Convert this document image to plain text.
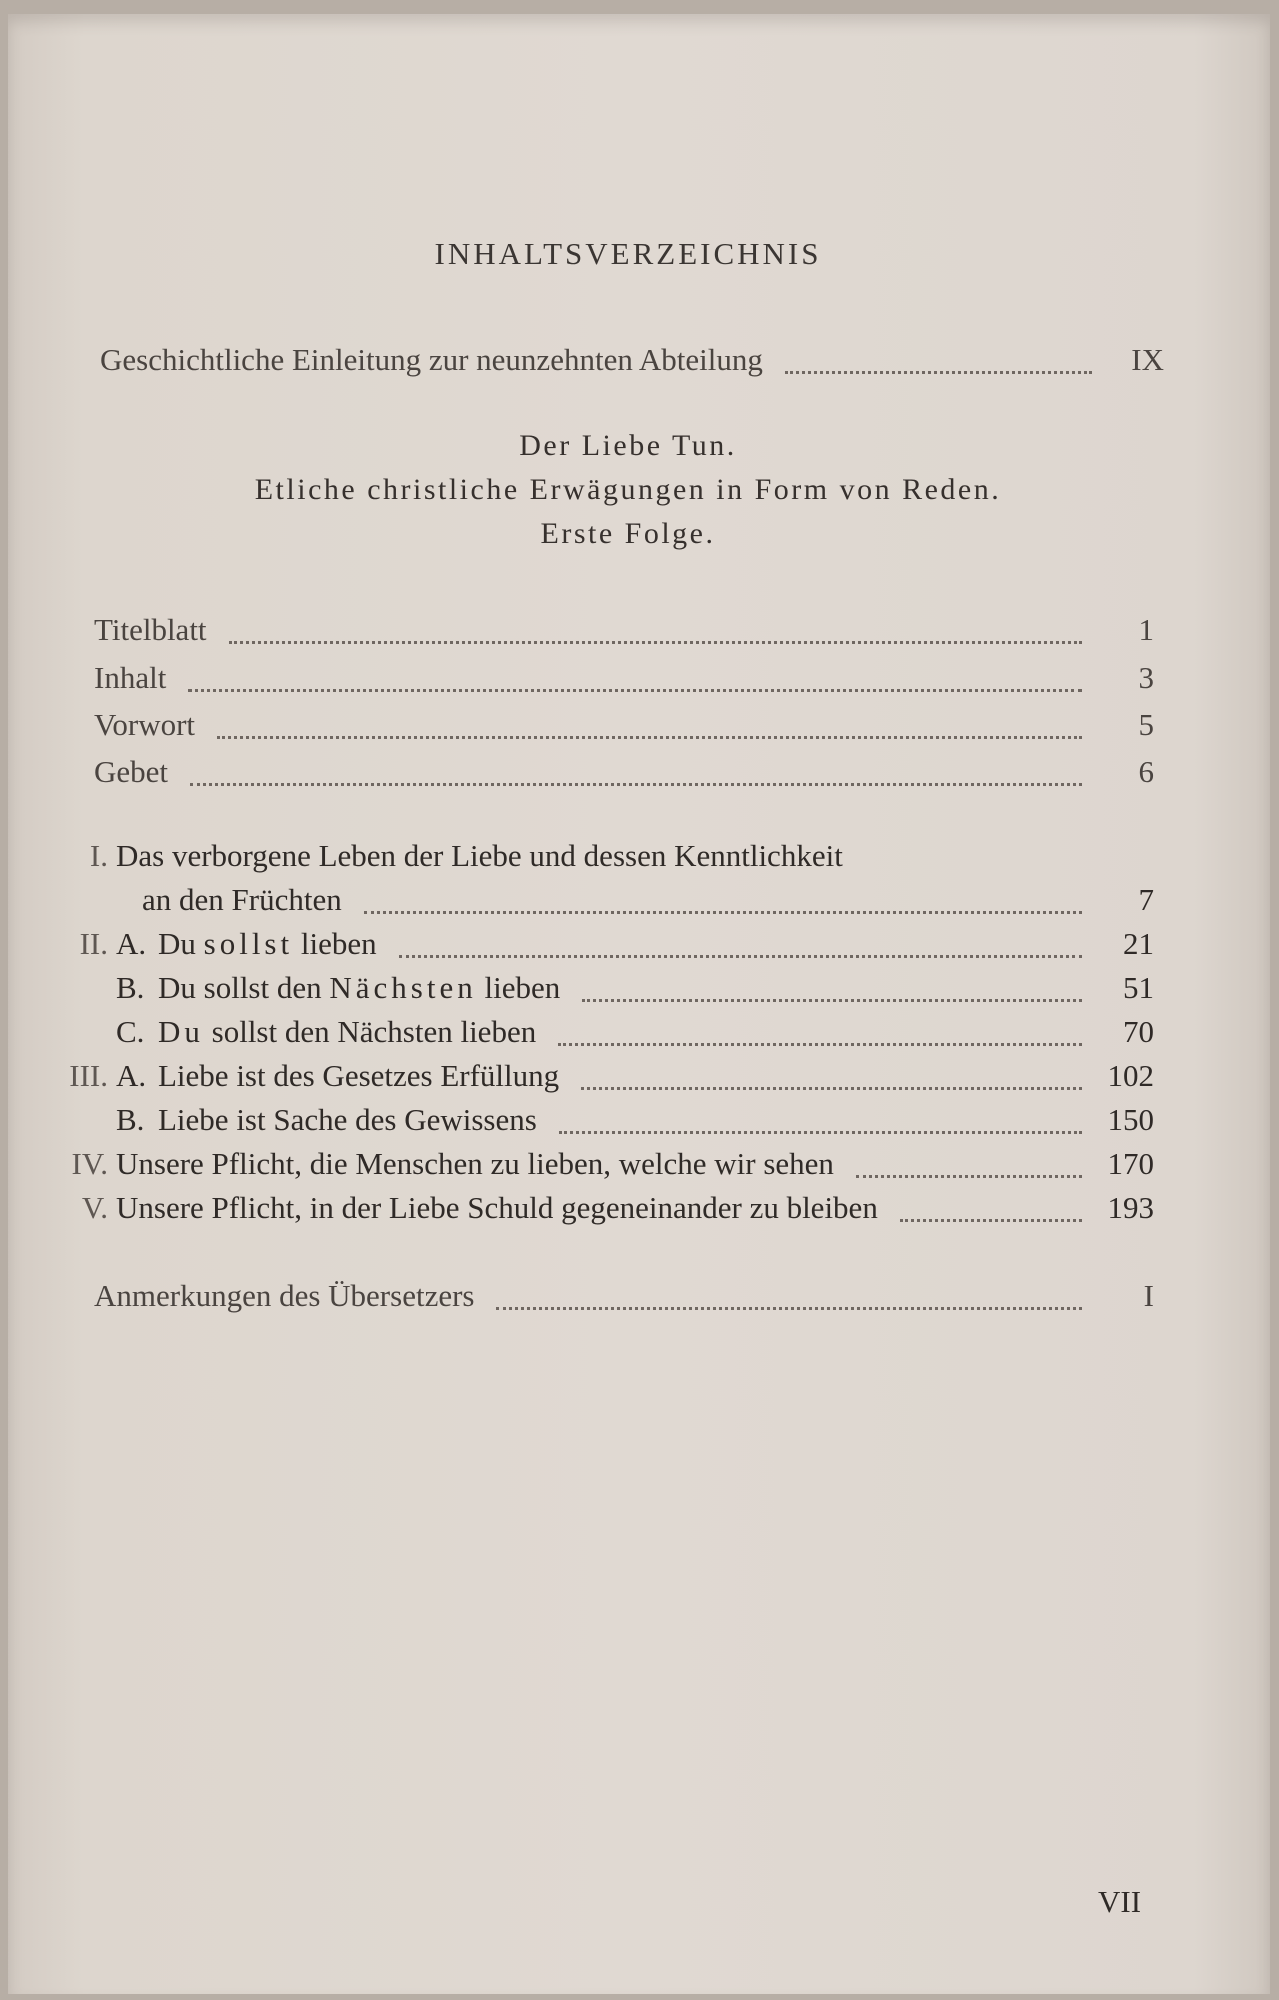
INHALTSVERZEICHNIS
Geschichtliche Einleitung zur neunzehnten Abteilung	IX
Der Liebe Tun.
Etliche christliche Erwägungen in Form von Reden.
Erste Folge.
Titelblatt	1
Inhalt	3
Vorwort	5
Gebet	6
I. Das verborgene Leben der Liebe und dessen Kenntlichkeit
an den Früchten	7
II. A. Du sollst lieben	21
B. Du sollst den Nächsten lieben	51
C. Du sollst den Nächsten lieben	70
III. A. Liebe ist des Gesetzes Erfüllung	102
B. Liebe ist Sache des Gewissens	150
IV. Unsere Pflicht, die Menschen zu lieben, welche wir sehen	170
V. Unsere Pflicht, in der Liebe Schuld gegeneinander zu bleiben	193
Anmerkungen des Übersetzers	I
VII
